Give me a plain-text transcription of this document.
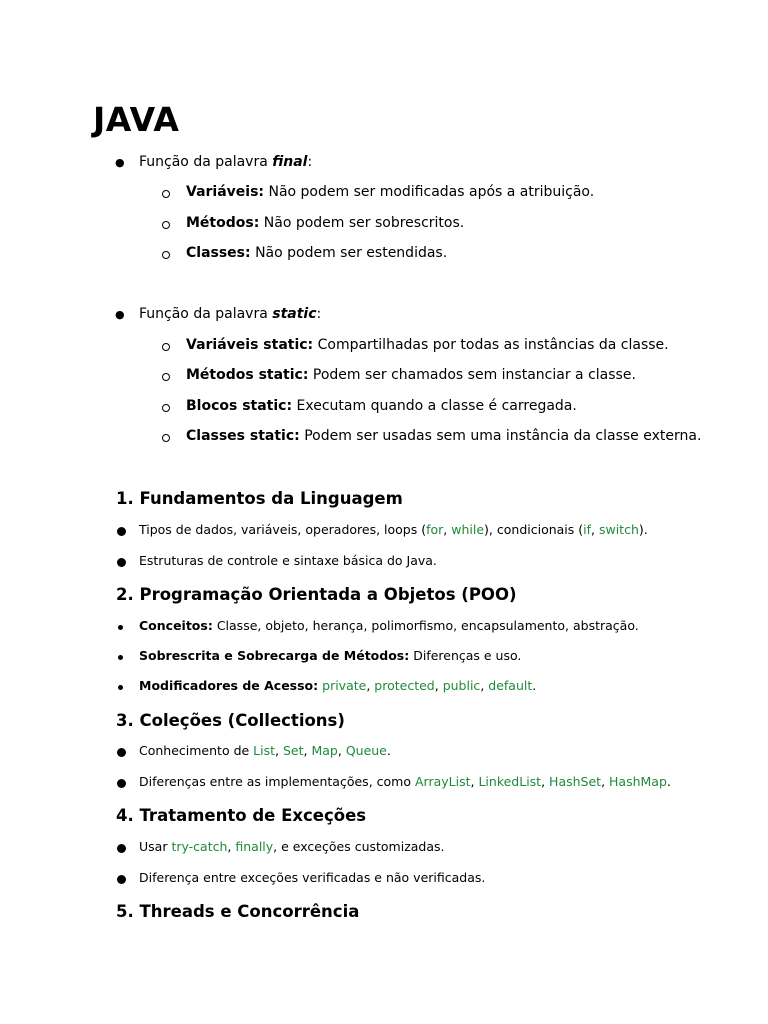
JAVA
● Função da palavra final:
Variáveis: Não podem ser modificadas após a atribuição.
Métodos: Não podem ser sobrescritos.
Classes: Não podem ser estendidas.
● Função da palavra static:
Variáveis static: Compartilhadas por todas as instâncias da classe.
Métodos static: Podem ser chamados sem instanciar a classe.
Blocos static: Executam quando a classe é carregada.
Classes static: Podem ser usadas sem uma instância da classe externa.
1. Fundamentos da Linguagem
Tipos de dados, variáveis, operadores, loops (for, while), condicionais (if, switch).
Estruturas de controle e sintaxe básica do Java.
2. Programação Orientada a Objetos (POO)
Conceitos: Classe, objeto, herança, polimorfismo, encapsulamento, abstração.
Sobrescrita e Sobrecarga de Métodos: Diferenças e uso.
Modificadores de Acesso: private, protected, public, default.
3. Coleções (Collections)
Conhecimento de List, Set, Map, Queue.
Diferenças entre as implementações, como ArrayList, LinkedList, HashSet, HashMap.
4. Tratamento de Exceções
Usar try-catch, finally, e exceções customizadas.
Diferença entre exceções verificadas e não verificadas.
5. Threads e Concorrência
